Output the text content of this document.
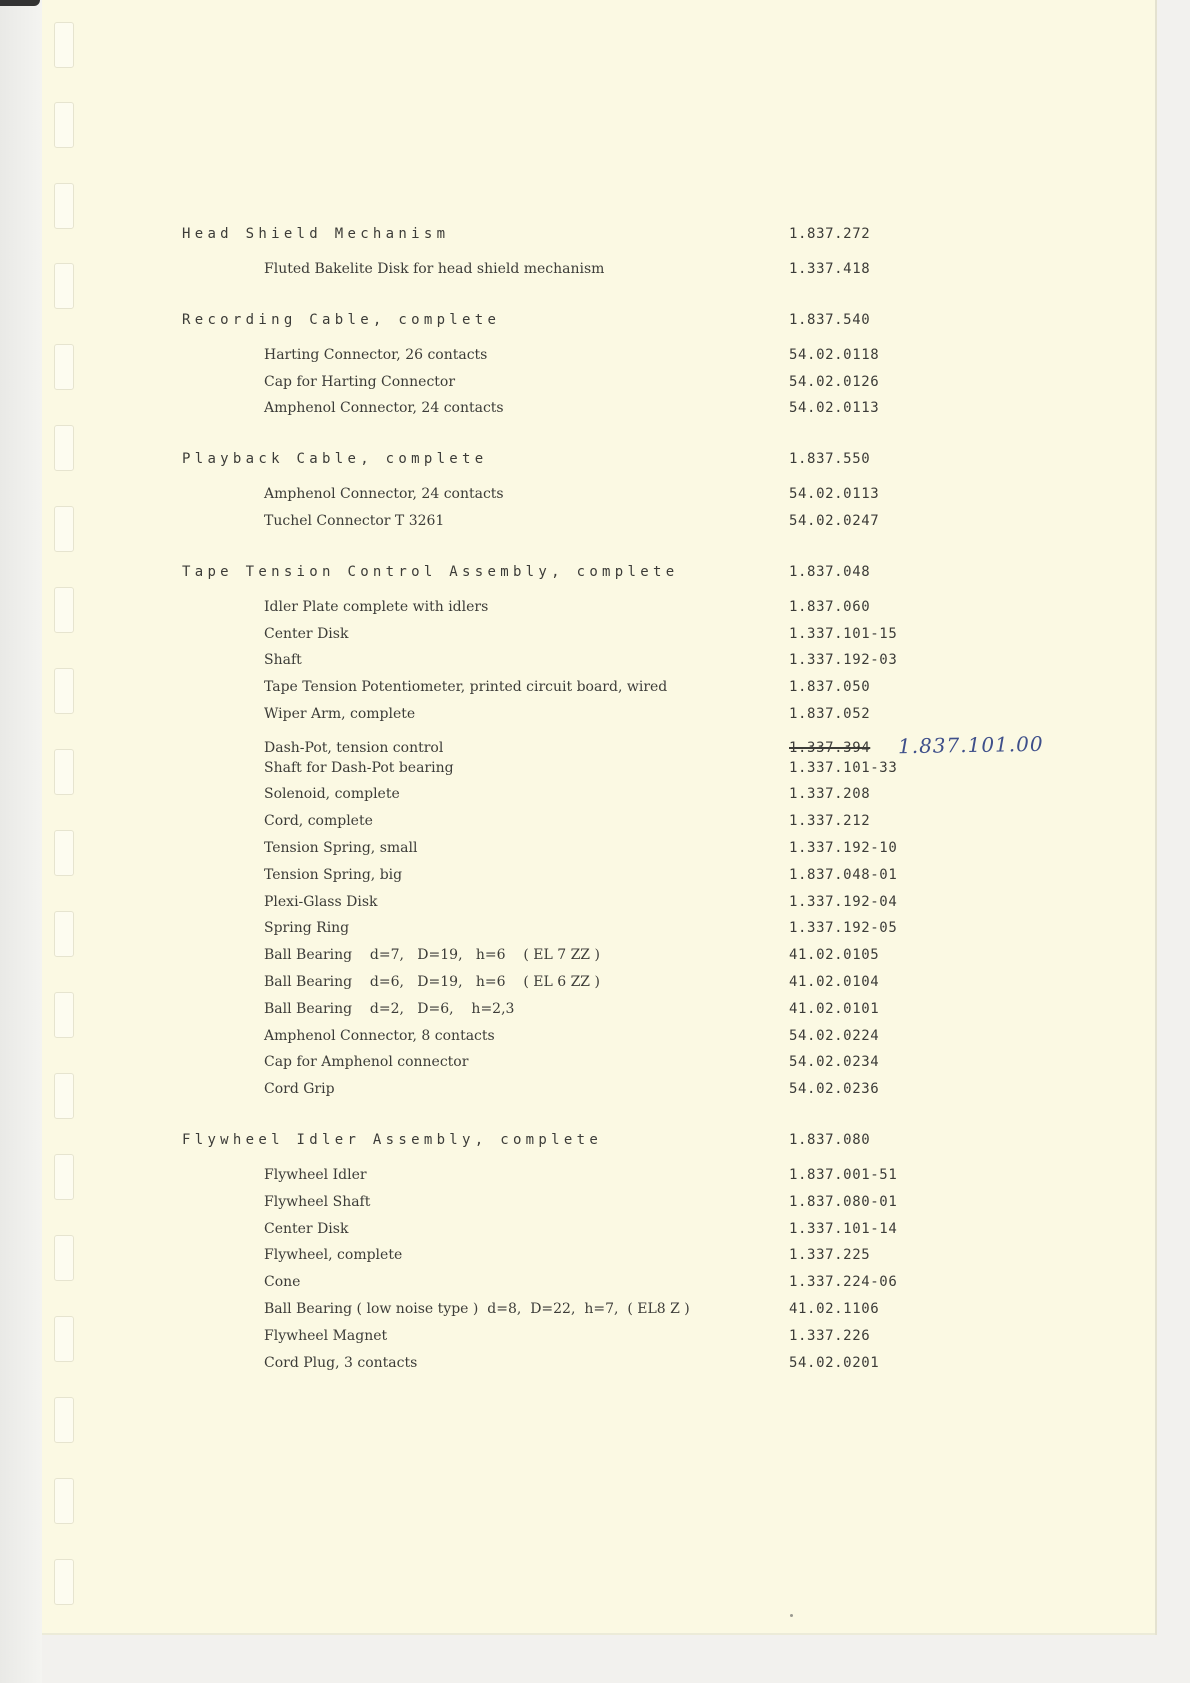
Head Shield Mechanism	1.837.272
Fluted Bakelite Disk for head shield mechanism	1.337.418
Recording Cable, complete	1.837.540
Harting Connector, 26 contacts	54.02.0118
Cap for Harting Connector	54.02.0126
Amphenol Connector, 24 contacts	54.02.0113
Playback Cable, complete	1.837.550
Amphenol Connector, 24 contacts	54.02.0113
Tuchel Connector T 3261	54.02.0247
Tape Tension Control Assembly, complete	1.837.048
Idler Plate complete with idlers	1.837.060
Center Disk	1.337.101-15
Shaft	1.337.192-03
Tape Tension Potentiometer, printed circuit board, wired	1.837.050
Wiper Arm, complete	1.837.052
Dash-Pot, tension control	1.337.394 1.837.101.00
Shaft for Dash-Pot bearing	1.337.101-33
Solenoid, complete	1.337.208
Cord, complete	1.337.212
Tension Spring, small	1.337.192-10
Tension Spring, big	1.837.048-01
Plexi-Glass Disk	1.337.192-04
Spring Ring	1.337.192-05
Ball Bearing    d=7,   D=19,   h=6    ( EL 7 ZZ )	41.02.0105
Ball Bearing    d=6,   D=19,   h=6    ( EL 6 ZZ )	41.02.0104
Ball Bearing    d=2,   D=6,    h=2,3	41.02.0101
Amphenol Connector, 8 contacts	54.02.0224
Cap for Amphenol connector	54.02.0234
Cord Grip	54.02.0236
Flywheel Idler Assembly, complete	1.837.080
Flywheel Idler	1.837.001-51
Flywheel Shaft	1.837.080-01
Center Disk	1.337.101-14
Flywheel, complete	1.337.225
Cone	1.337.224-06
Ball Bearing ( low noise type )  d=8,  D=22,  h=7,  ( EL8 Z )	41.02.1106
Flywheel Magnet	1.337.226
Cord Plug, 3 contacts	54.02.0201
